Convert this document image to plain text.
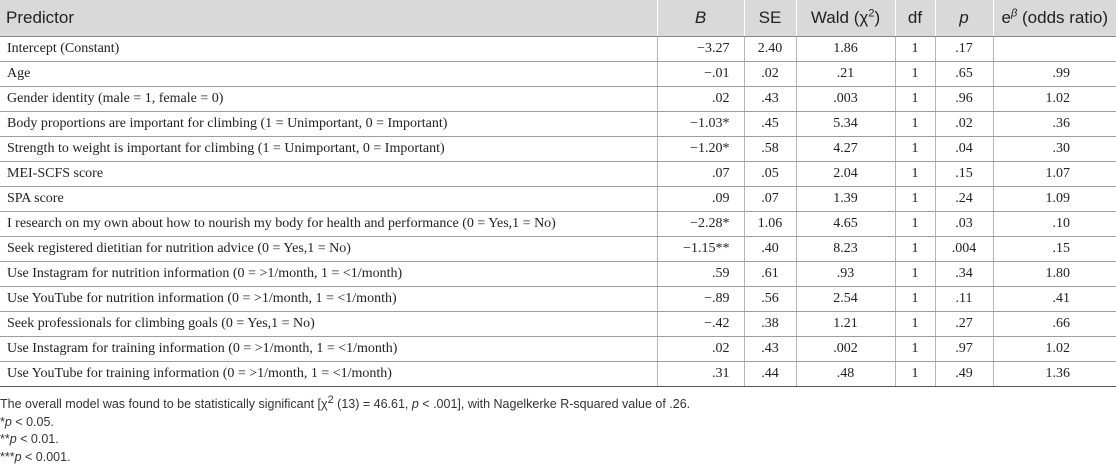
Predictor	B	SE	Wald $(\chi^2)$	df	p	$e^\beta$ (odds ratio)
Intercept (Constant)	−3.27	2.40	1.86	1	.17	
Age	−.01	.02	.21	1	.65	.99
Gender identity (male = 1, female = 0)	.02	.43	.003	1	.96	1.02
Body proportions are important for climbing (1 = Unimportant, 0 = Important)	−1.03*	.45	5.34	1	.02	.36
Strength to weight is important for climbing (1 = Unimportant, 0 = Important)	−1.20*	.58	4.27	1	.04	.30
MEI-SCFS score	.07	.05	2.04	1	.15	1.07
SPA score	.09	.07	1.39	1	.24	1.09
I research on my own about how to nourish my body for health and performance (0 = Yes,1 = No)	−2.28*	1.06	4.65	1	.03	.10
Seek registered dietitian for nutrition advice (0 = Yes,1 = No)	−1.15**	.40	8.23	1	.004	.15
Use Instagram for nutrition information (0 = >1/month, 1 = <1/month)	.59	.61	.93	1	.34	1.80
Use YouTube for nutrition information (0 = >1/month, 1 = <1/month)	−.89	.56	2.54	1	.11	.41
Seek professionals for climbing goals (0 = Yes,1 = No)	−.42	.38	1.21	1	.27	.66
Use Instagram for training information (0 = >1/month, 1 = <1/month)	.02	.43	.002	1	.97	1.02
Use YouTube for training information (0 = >1/month, 1 = <1/month)	.31	.44	.48	1	.49	1.36
The overall model was found to be statistically significant [$\chi^2$ (13) = 46.61, p < .001], with Nagelkerke R-squared value of .26.
*p < 0.05.
**p < 0.01.
***p < 0.001.
